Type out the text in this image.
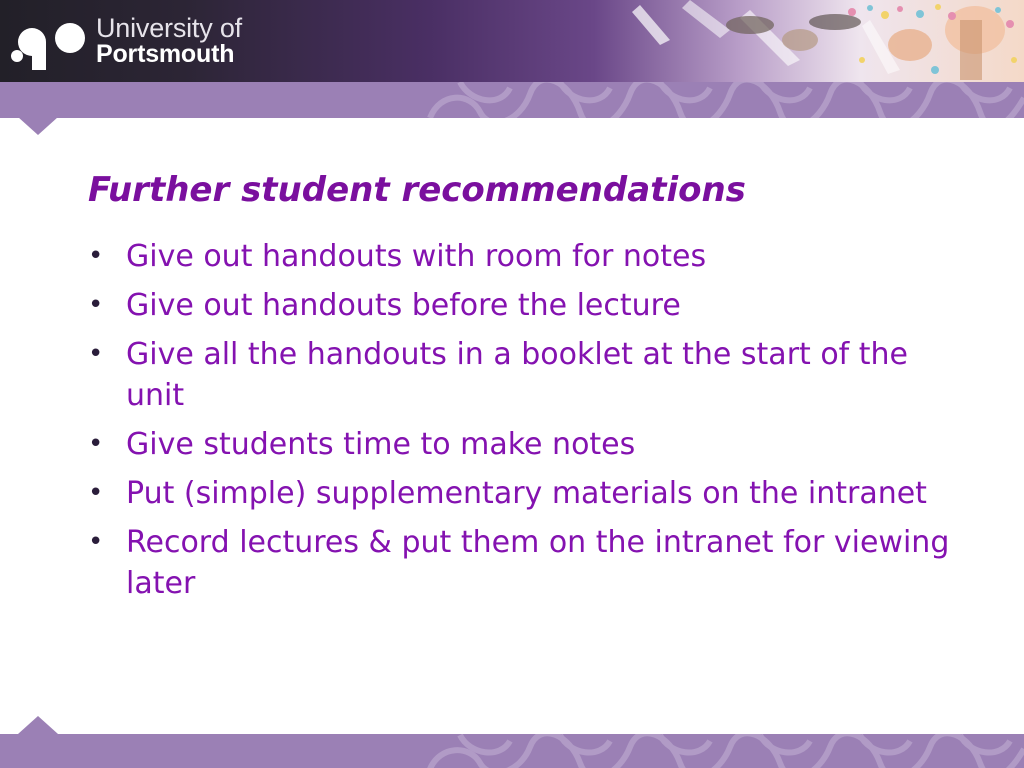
University of
Portsmouth
Further student recommendations
• Give out handouts with room for notes
• Give out handouts before the lecture
• Give all the handouts in a booklet at the start of the unit
• Give students time to make notes
• Put (simple) supplementary materials on the intranet
• Record lectures & put them on the intranet for viewing later
